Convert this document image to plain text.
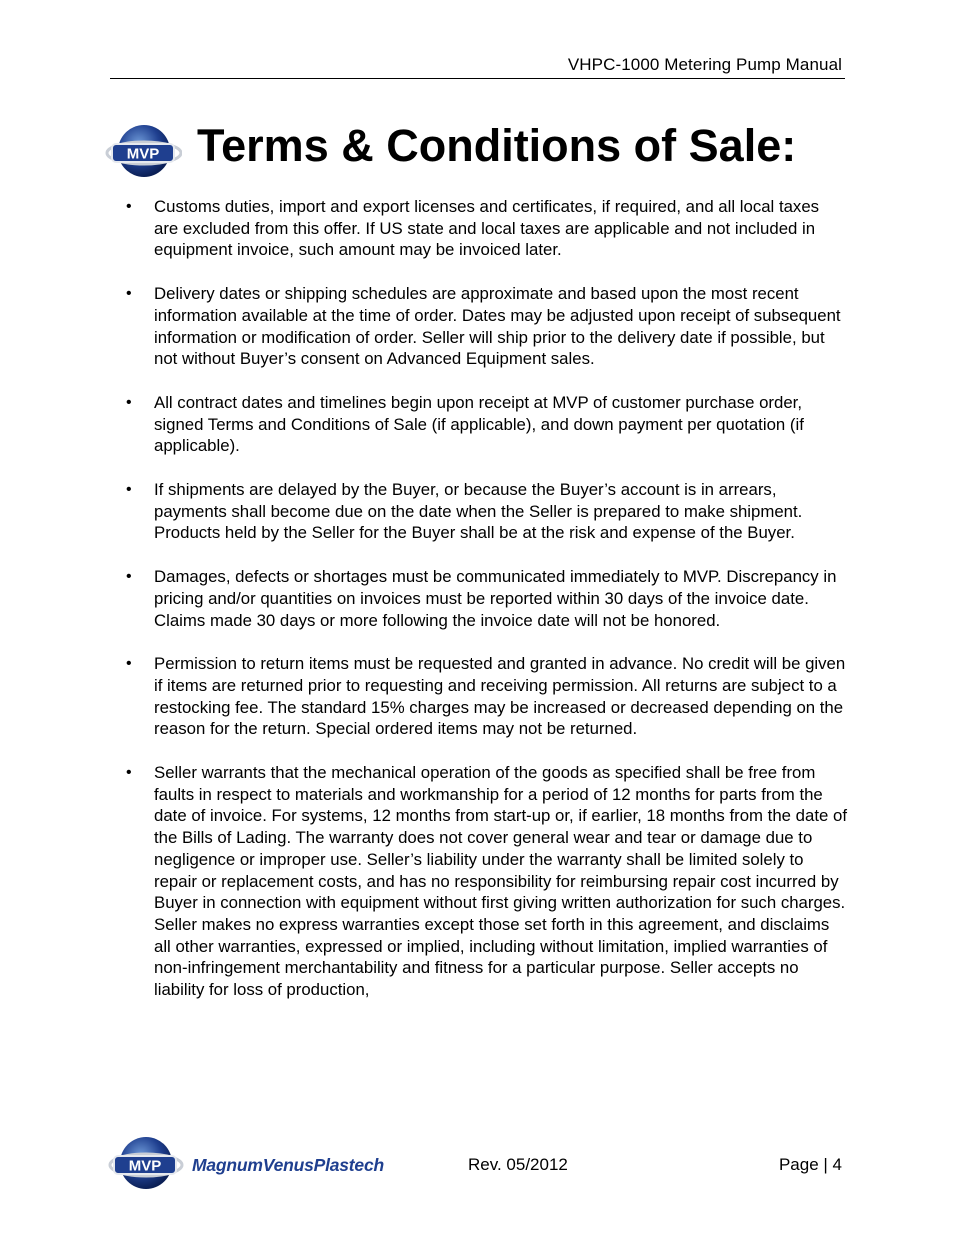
VHPC-1000 Metering Pump Manual
MVP Terms & Conditions of Sale:
• Customs duties, import and export licenses and certificates, if required, and all local taxes are excluded from this offer. If US state and local taxes are applicable and not included in equipment invoice, such amount may be invoiced later.
• Delivery dates or shipping schedules are approximate and based upon the most recent information available at the time of order. Dates may be adjusted upon receipt of subsequent information or modification of order. Seller will ship prior to the delivery date if possible, but not without Buyer’s consent on Advanced Equipment sales.
• All contract dates and timelines begin upon receipt at MVP of customer purchase order, signed Terms and Conditions of Sale (if applicable), and down payment per quotation (if applicable).
• If shipments are delayed by the Buyer, or because the Buyer’s account is in arrears, payments shall become due on the date when the Seller is prepared to make shipment. Products held by the Seller for the Buyer shall be at the risk and expense of the Buyer.
• Damages, defects or shortages must be communicated immediately to MVP. Discrepancy in pricing and/or quantities on invoices must be reported within 30 days of the invoice date. Claims made 30 days or more following the invoice date will not be honored.
• Permission to return items must be requested and granted in advance. No credit will be given if items are returned prior to requesting and receiving permission. All returns are subject to a restocking fee. The standard 15% charges may be increased or decreased depending on the reason for the return. Special ordered items may not be returned.
• Seller warrants that the mechanical operation of the goods as specified shall be free from faults in respect to materials and workmanship for a period of 12 months for parts from the date of invoice. For systems, 12 months from start-up or, if earlier, 18 months from the date of the Bills of Lading. The warranty does not cover general wear and tear or damage due to negligence or improper use. Seller’s liability under the warranty shall be limited solely to repair or replacement costs, and has no responsibility for reimbursing repair cost incurred by Buyer in connection with equipment without first giving written authorization for such charges. Seller makes no express warranties except those set forth in this agreement, and disclaims all other warranties, expressed or implied, including without limitation, implied warranties of non-infringement merchantability and fitness for a particular purpose. Seller accepts no liability for loss of production,
MVP MagnumVenusPlastech	Rev. 05/2012	Page | 4
